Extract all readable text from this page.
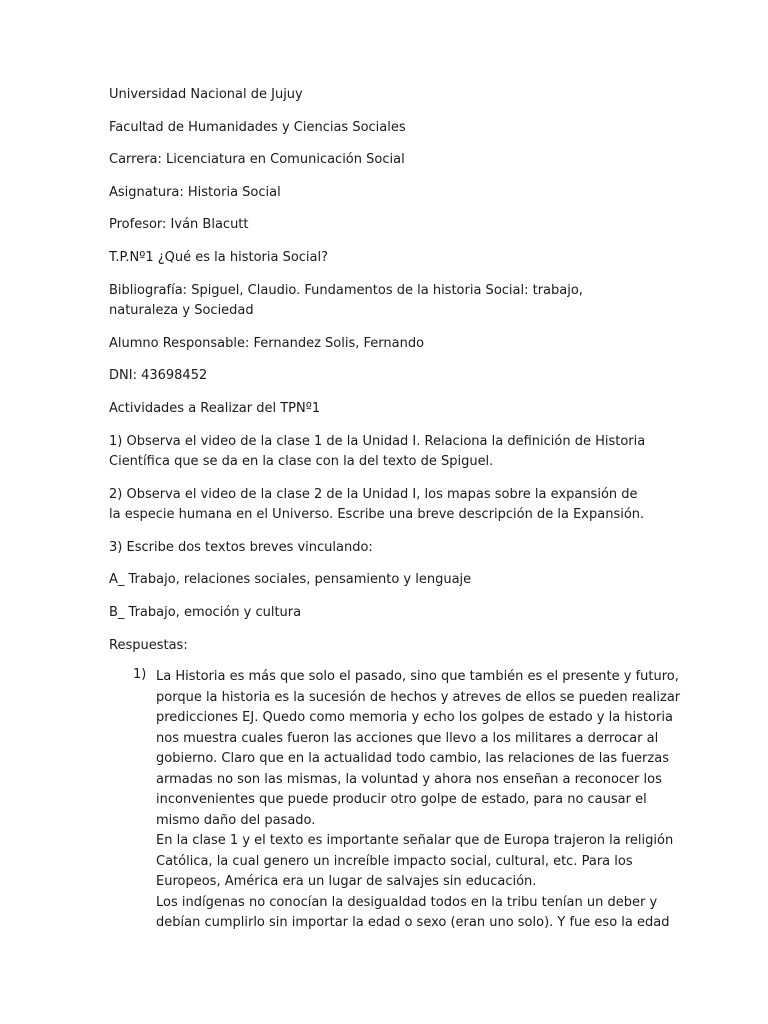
Universidad Nacional de Jujuy

Facultad de Humanidades y Ciencias Sociales

Carrera: Licenciatura en Comunicación Social

Asignatura: Historia Social

Profesor: Iván Blacutt

T.P.Nº1 ¿Qué es la historia Social?

Bibliografía: Spiguel, Claudio. Fundamentos de la historia Social: trabajo, naturaleza y Sociedad

Alumno Responsable: Fernandez Solis, Fernando

DNI: 43698452

Actividades a Realizar del TPNº1

1) Observa el video de la clase 1 de la Unidad I. Relaciona la definición de Historia Científica que se da en la clase con la del texto de Spiguel.

2) Observa el video de la clase 2 de la Unidad I, los mapas sobre la expansión de la especie humana en el Universo. Escribe una breve descripción de la Expansión.

3) Escribe dos textos breves vinculando:

A_ Trabajo, relaciones sociales, pensamiento y lenguaje

B_ Trabajo, emoción y cultura

Respuestas:

1) La Historia es más que solo el pasado, sino que también es el presente y futuro,
porque la historia es la sucesión de hechos y atreves de ellos se pueden realizar
predicciones EJ. Quedo como memoria y echo los golpes de estado y la historia
nos muestra cuales fueron las acciones que llevo a los militares a derrocar al
gobierno. Claro que en la actualidad todo cambio, las relaciones de las fuerzas
armadas no son las mismas, la voluntad y ahora nos enseñan a reconocer los
inconvenientes que puede producir otro golpe de estado, para no causar el
mismo daño del pasado.
En la clase 1 y el texto es importante señalar que de Europa trajeron la religión
Católica, la cual genero un increíble impacto social, cultural, etc. Para los
Europeos, América era un lugar de salvajes sin educación.
Los indígenas no conocían la desigualdad todos en la tribu tenían un deber y
debían cumplirlo sin importar la edad o sexo (eran uno solo). Y fue eso la edad
